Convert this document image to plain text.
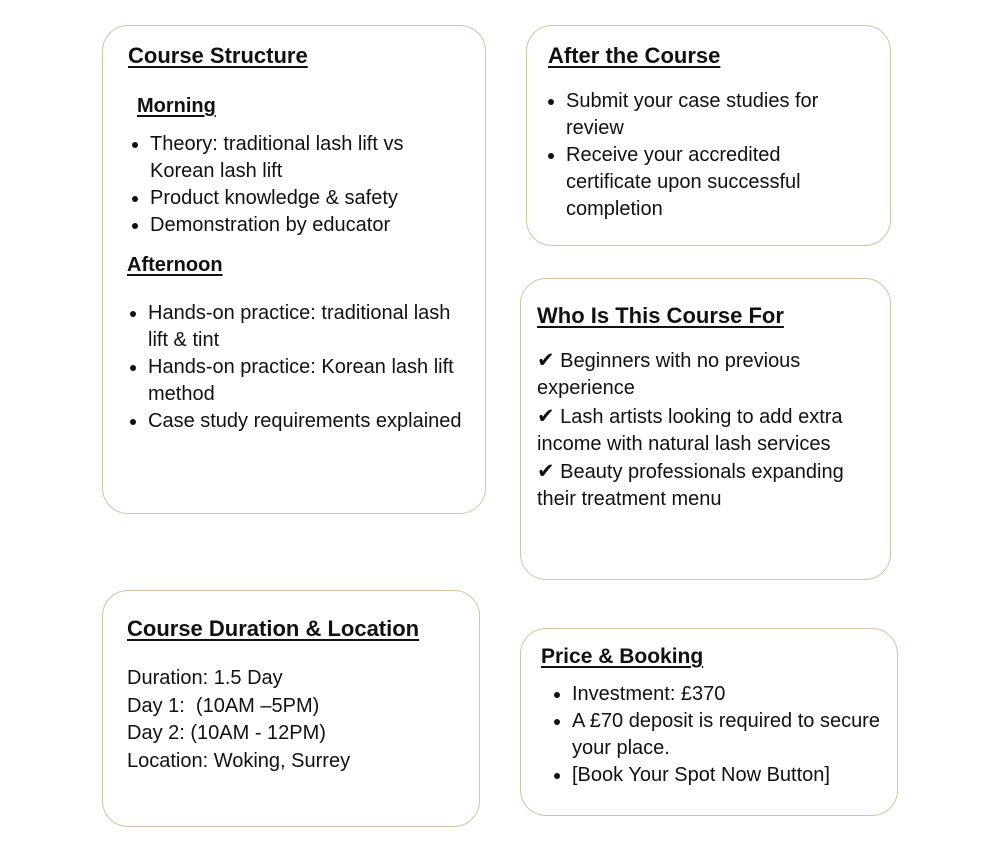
Course Structure
Morning
• Theory: traditional lash lift vs Korean lash lift
• Product knowledge & safety
• Demonstration by educator
Afternoon
• Hands-on practice: traditional lash lift & tint
• Hands-on practice: Korean lash lift method
• Case study requirements explained
After the Course
• Submit your case studies for review
• Receive your accredited certificate upon successful completion
Who Is This Course For

✔ Beginners with no previous experience

✔ Lash artists looking to add extra income with natural lash services

✔ Beauty professionals expanding their treatment menu

Course Duration & Location

Duration: 1.5 Day

Day 1:  (10AM –5PM)

Day 2: (10AM - 12PM)

Location: Woking, Surrey

Price & Booking
• Investment: £370
• A £70 deposit is required to secure your place.
• [Book Your Spot Now Button]
